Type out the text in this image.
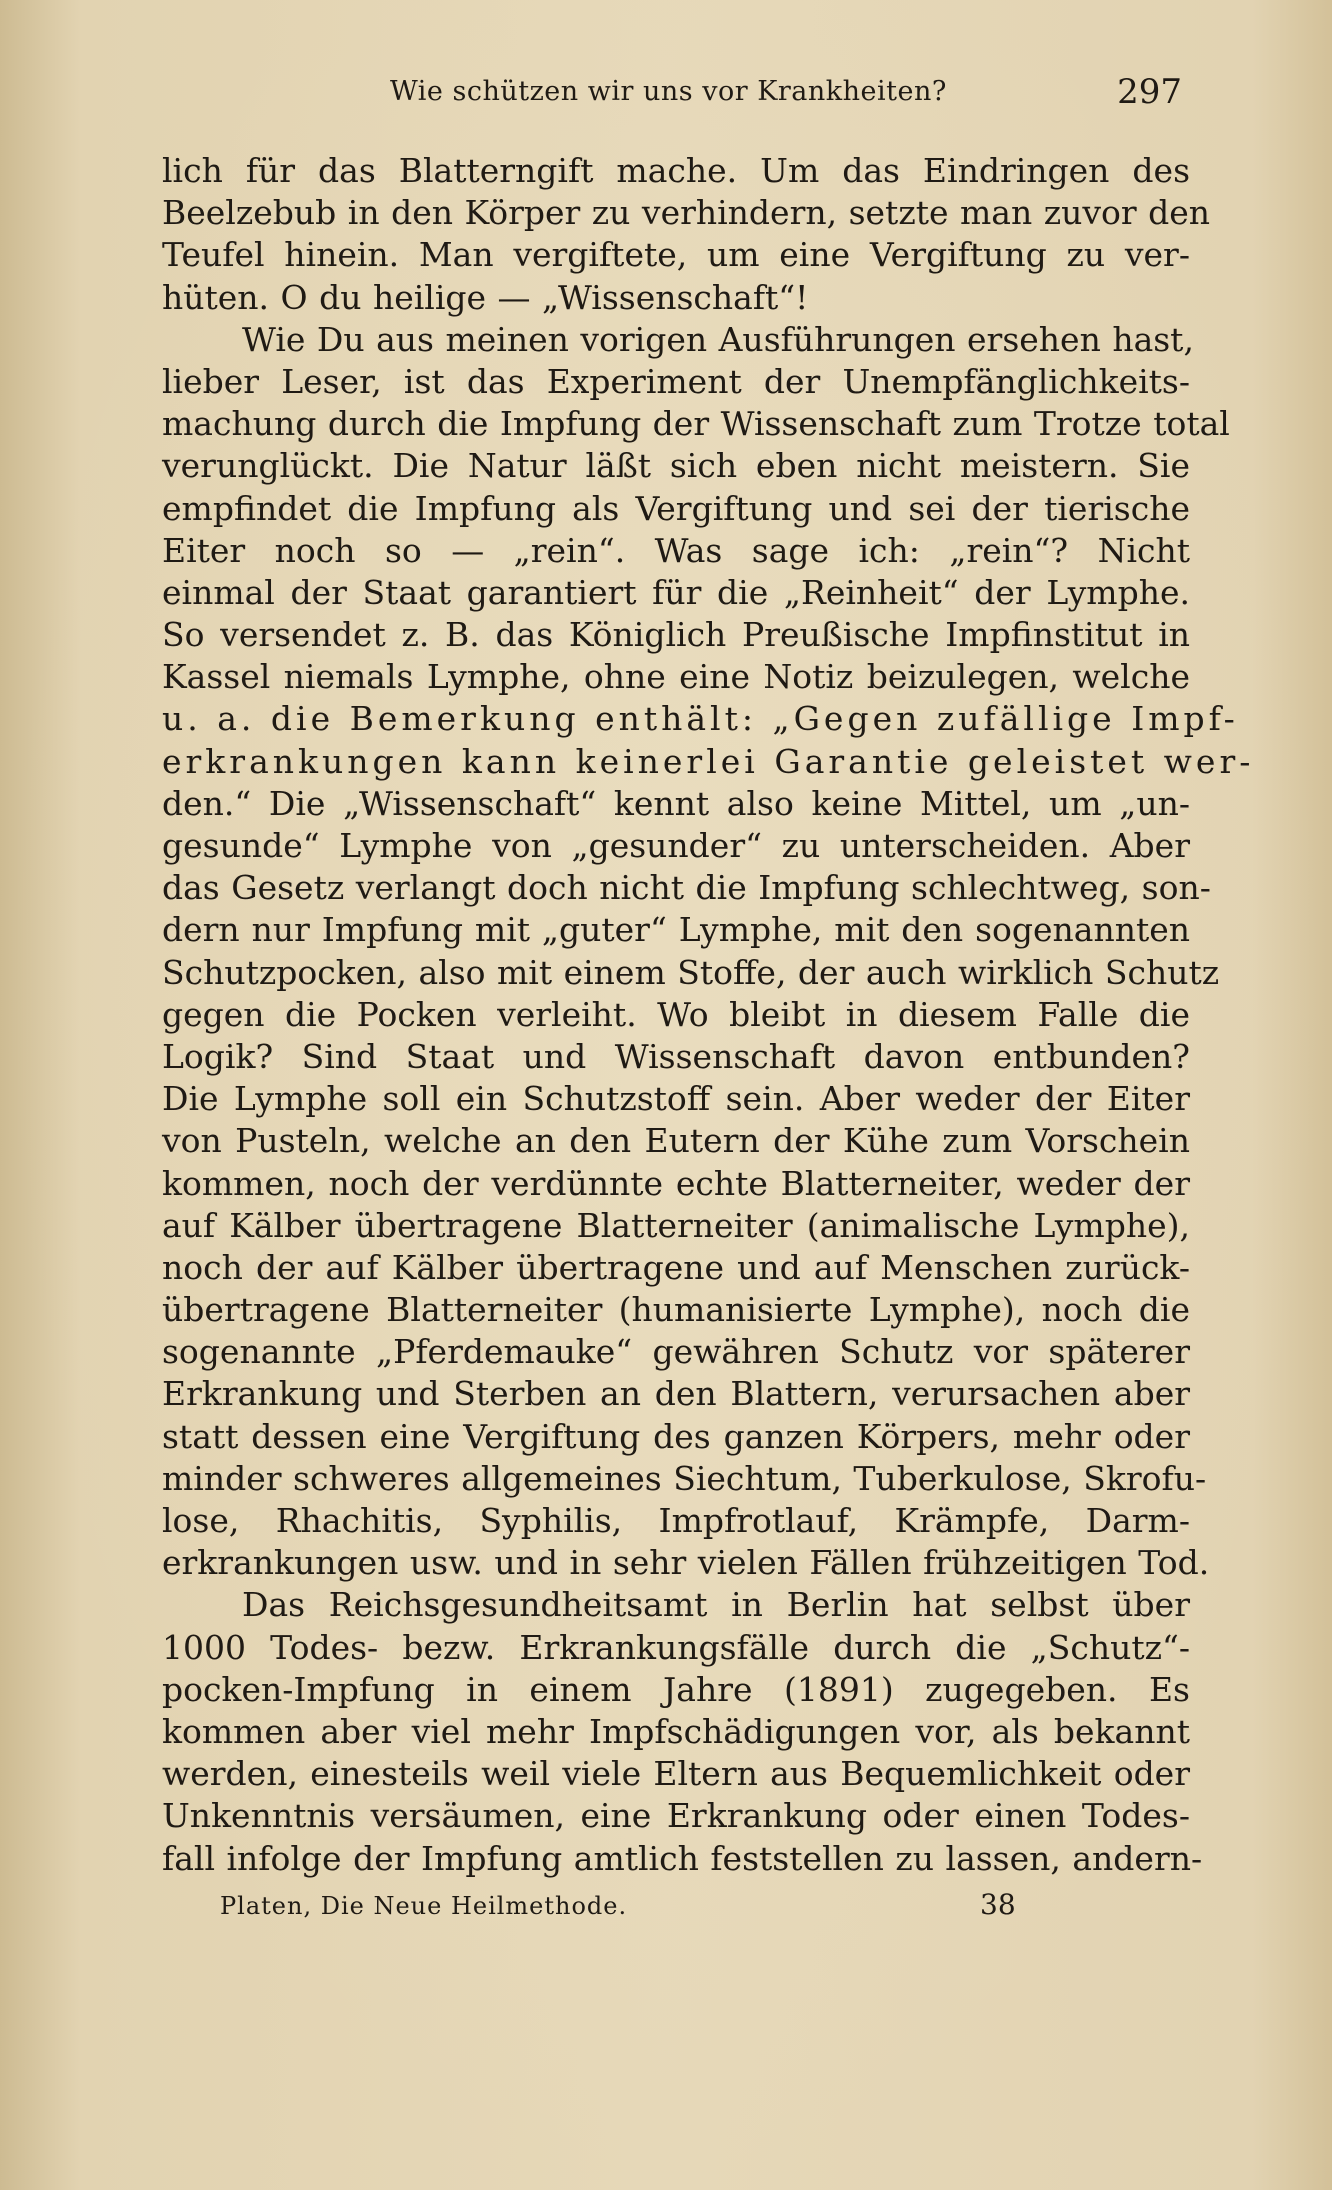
Wie schützen wir uns vor Krankheiten?	297
lich für das Blatterngift mache. Um das Eindringen des
Beelzebub in den Körper zu verhindern, setzte man zuvor den
Teufel hinein. Man vergiftete, um eine Vergiftung zu ver-
hüten. O du heilige — „Wissenschaft“!
Wie Du aus meinen vorigen Ausführungen ersehen hast,
lieber Leser, ist das Experiment der Unempfänglichkeits-
machung durch die Impfung der Wissenschaft zum Trotze total
verunglückt. Die Natur läßt sich eben nicht meistern. Sie
empfindet die Impfung als Vergiftung und sei der tierische
Eiter noch so — „rein“. Was sage ich: „rein“? Nicht
einmal der Staat garantiert für die „Reinheit“ der Lymphe.
So versendet z. B. das Königlich Preußische Impfinstitut in
Kassel niemals Lymphe, ohne eine Notiz beizulegen, welche
u. a. die Bemerkung enthält: „Gegen zufällige Impf-
erkrankungen kann keinerlei Garantie geleistet wer-
den.“ Die „Wissenschaft“ kennt also keine Mittel, um „un-
gesunde“ Lymphe von „gesunder“ zu unterscheiden. Aber
das Gesetz verlangt doch nicht die Impfung schlechtweg, son-
dern nur Impfung mit „guter“ Lymphe, mit den sogenannten
Schutzpocken, also mit einem Stoffe, der auch wirklich Schutz
gegen die Pocken verleiht. Wo bleibt in diesem Falle die
Logik? Sind Staat und Wissenschaft davon entbunden?
Die Lymphe soll ein Schutzstoff sein. Aber weder der Eiter
von Pusteln, welche an den Eutern der Kühe zum Vorschein
kommen, noch der verdünnte echte Blatterneiter, weder der
auf Kälber übertragene Blatterneiter (animalische Lymphe),
noch der auf Kälber übertragene und auf Menschen zurück-
übertragene Blatterneiter (humanisierte Lymphe), noch die
sogenannte „Pferdemauke“ gewähren Schutz vor späterer
Erkrankung und Sterben an den Blattern, verursachen aber
statt dessen eine Vergiftung des ganzen Körpers, mehr oder
minder schweres allgemeines Siechtum, Tuberkulose, Skrofu-
lose, Rhachitis, Syphilis, Impfrotlauf, Krämpfe, Darm-
erkrankungen usw. und in sehr vielen Fällen frühzeitigen Tod.
Das Reichsgesundheitsamt in Berlin hat selbst über
1000 Todes- bezw. Erkrankungsfälle durch die „Schutz“-
pocken-Impfung in einem Jahre (1891) zugegeben. Es
kommen aber viel mehr Impfschädigungen vor, als bekannt
werden, einesteils weil viele Eltern aus Bequemlichkeit oder
Unkenntnis versäumen, eine Erkrankung oder einen Todes-
fall infolge der Impfung amtlich feststellen zu lassen, andern-
Platen, Die Neue Heilmethode.	38
